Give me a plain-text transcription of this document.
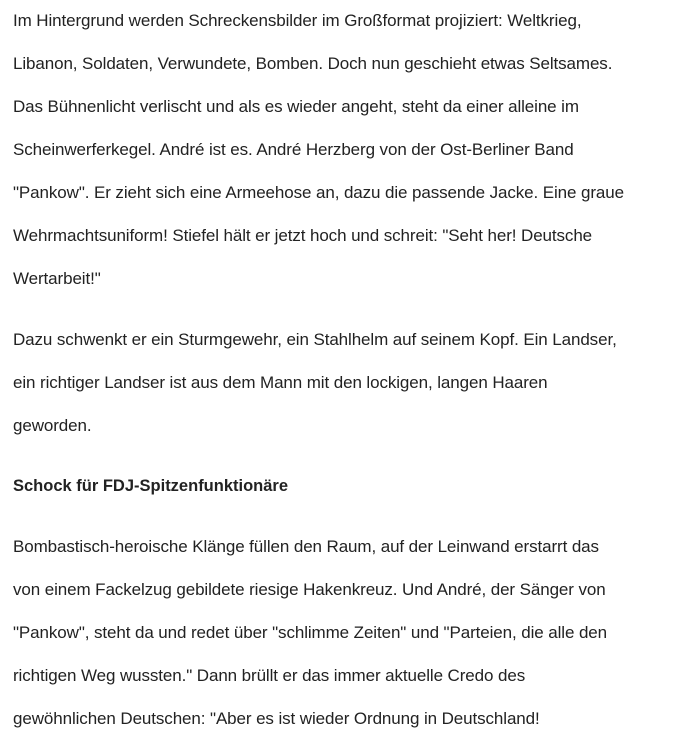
Im Hintergrund werden Schreckensbilder im Großformat projiziert: Weltkrieg,
Libanon, Soldaten, Verwundete, Bomben. Doch nun geschieht etwas Seltsames.
Das Bühnenlicht verlischt und als es wieder angeht, steht da einer alleine im
Scheinwerferkegel. André ist es. André Herzberg von der Ost-Berliner Band
"Pankow". Er zieht sich eine Armeehose an, dazu die passende Jacke. Eine graue
Wehrmachtsuniform! Stiefel hält er jetzt hoch und schreit: "Seht her! Deutsche
Wertarbeit!"

Dazu schwenkt er ein Sturmgewehr, ein Stahlhelm auf seinem Kopf. Ein Landser,
ein richtiger Landser ist aus dem Mann mit den lockigen, langen Haaren
geworden.

Schock für FDJ-Spitzenfunktionäre

Bombastisch-heroische Klänge füllen den Raum, auf der Leinwand erstarrt das
von einem Fackelzug gebildete riesige Hakenkreuz. Und André, der Sänger von
"Pankow", steht da und redet über "schlimme Zeiten" und "Parteien, die alle den
richtigen Weg wussten." Dann brüllt er das immer aktuelle Credo des
gewöhnlichen Deutschen: "Aber es ist wieder Ordnung in Deutschland!
